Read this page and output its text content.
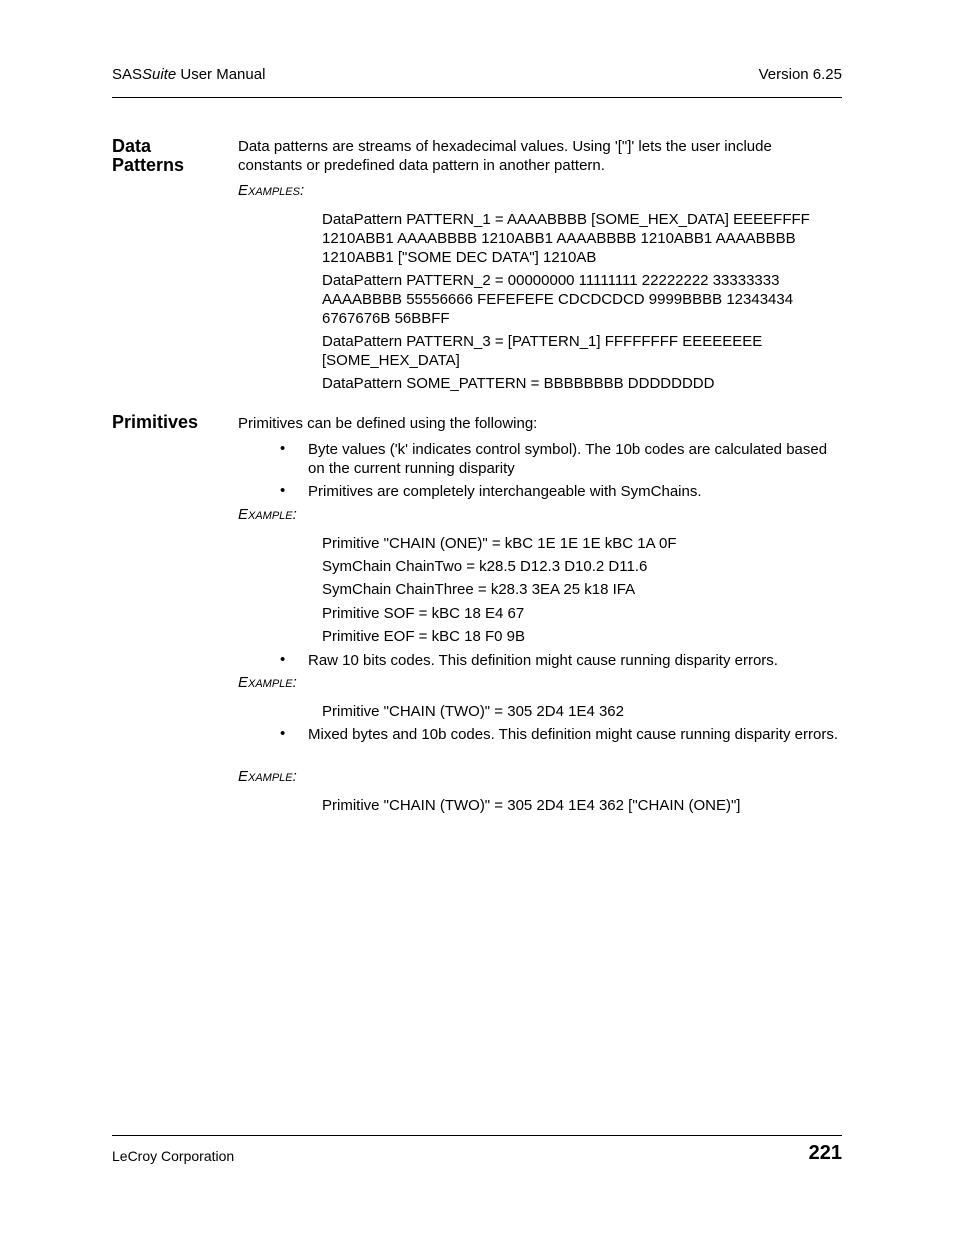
SASSuite User Manual	Version 6.25
Data Patterns
Data patterns are streams of hexadecimal values. Using '["]' lets the user include constants or predefined data pattern in another pattern.
Examples:
DataPattern PATTERN_1 = AAAABBBB [SOME_HEX_DATA] EEEEFFFF 1210ABB1 AAAABBBB 1210ABB1 AAAABBBB 1210ABB1 AAAABBBB 1210ABB1 ["SOME DEC DATA"] 1210AB
DataPattern PATTERN_2 = 00000000 11111111 22222222 33333333 AAAABBBB 55556666 FEFEFEFE CDCDCDCD 9999BBBB 12343434 6767676B 56BBFF
DataPattern PATTERN_3 = [PATTERN_1] FFFFFFFF EEEEEEEE [SOME_HEX_DATA]
DataPattern SOME_PATTERN = BBBBBBBB DDDDDDDD
Primitives	Primitives can be defined using the following:
• Byte values ('k' indicates control symbol). The 10b codes are calculated based on the current running disparity
• Primitives are completely interchangeable with SymChains.
Example:
Primitive "CHAIN (ONE)" = kBC 1E 1E 1E kBC 1A 0F
SymChain ChainTwo = k28.5 D12.3 D10.2 D11.6
SymChain ChainThree = k28.3 3EA 25 k18 IFA
Primitive SOF = kBC 18 E4 67
Primitive EOF = kBC 18 F0 9B
• Raw 10 bits codes. This definition might cause running disparity errors.
Example:
Primitive "CHAIN (TWO)" = 305 2D4 1E4 362
• Mixed bytes and 10b codes. This definition might cause running disparity errors.
Example:
Primitive "CHAIN (TWO)" = 305 2D4 1E4 362 ["CHAIN (ONE)"]
LeCroy Corporation	221
